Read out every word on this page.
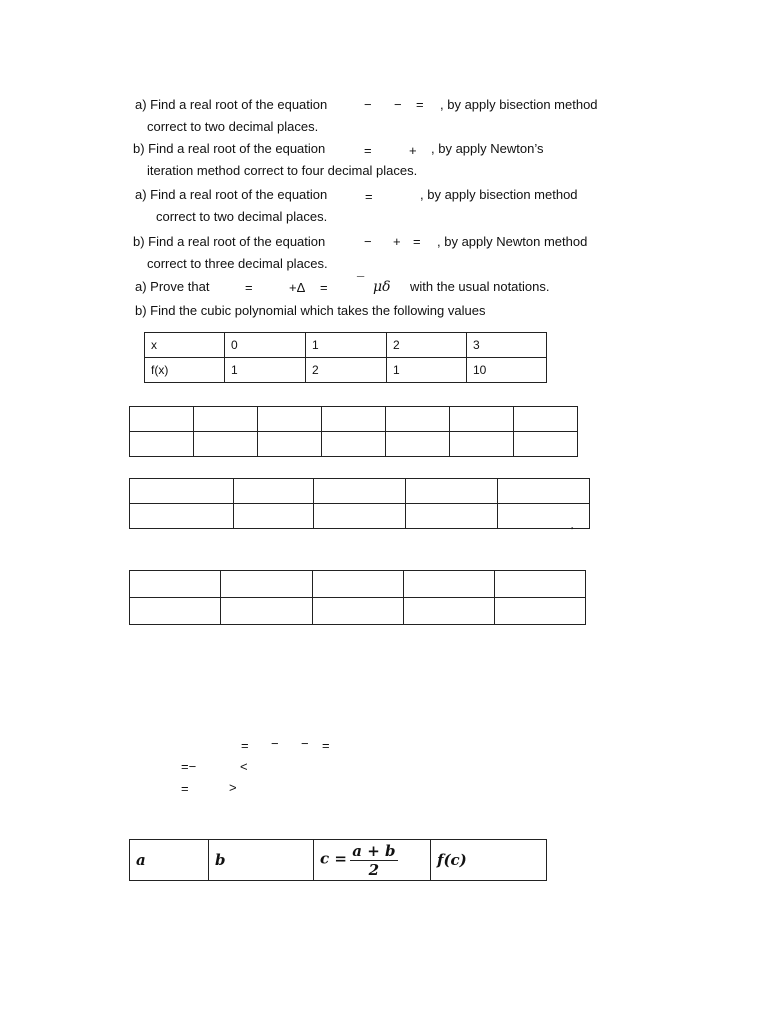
a) Find a real root of the equation	− − = , by apply bisection method
correct to two decimal places.
b) Find a real root of the equation	=	+ , by apply Newton’s
iteration method correct to four decimal places.
a) Find a real root of the equation	=	, by apply bisection method
correct to two decimal places.
b) Find a real root of the equation	− + = , by apply Newton method
correct to three decimal places.
a) Prove that	=	+Δ = ¯ μδ with the usual notations.
b) Find the cubic polynomial which takes the following values
x	0	1	2	3
f(x)	1	2	1	10

’

= − − =
=−	<
=	>
a	b	$c = \frac{a + b}{2}$	f(c)
